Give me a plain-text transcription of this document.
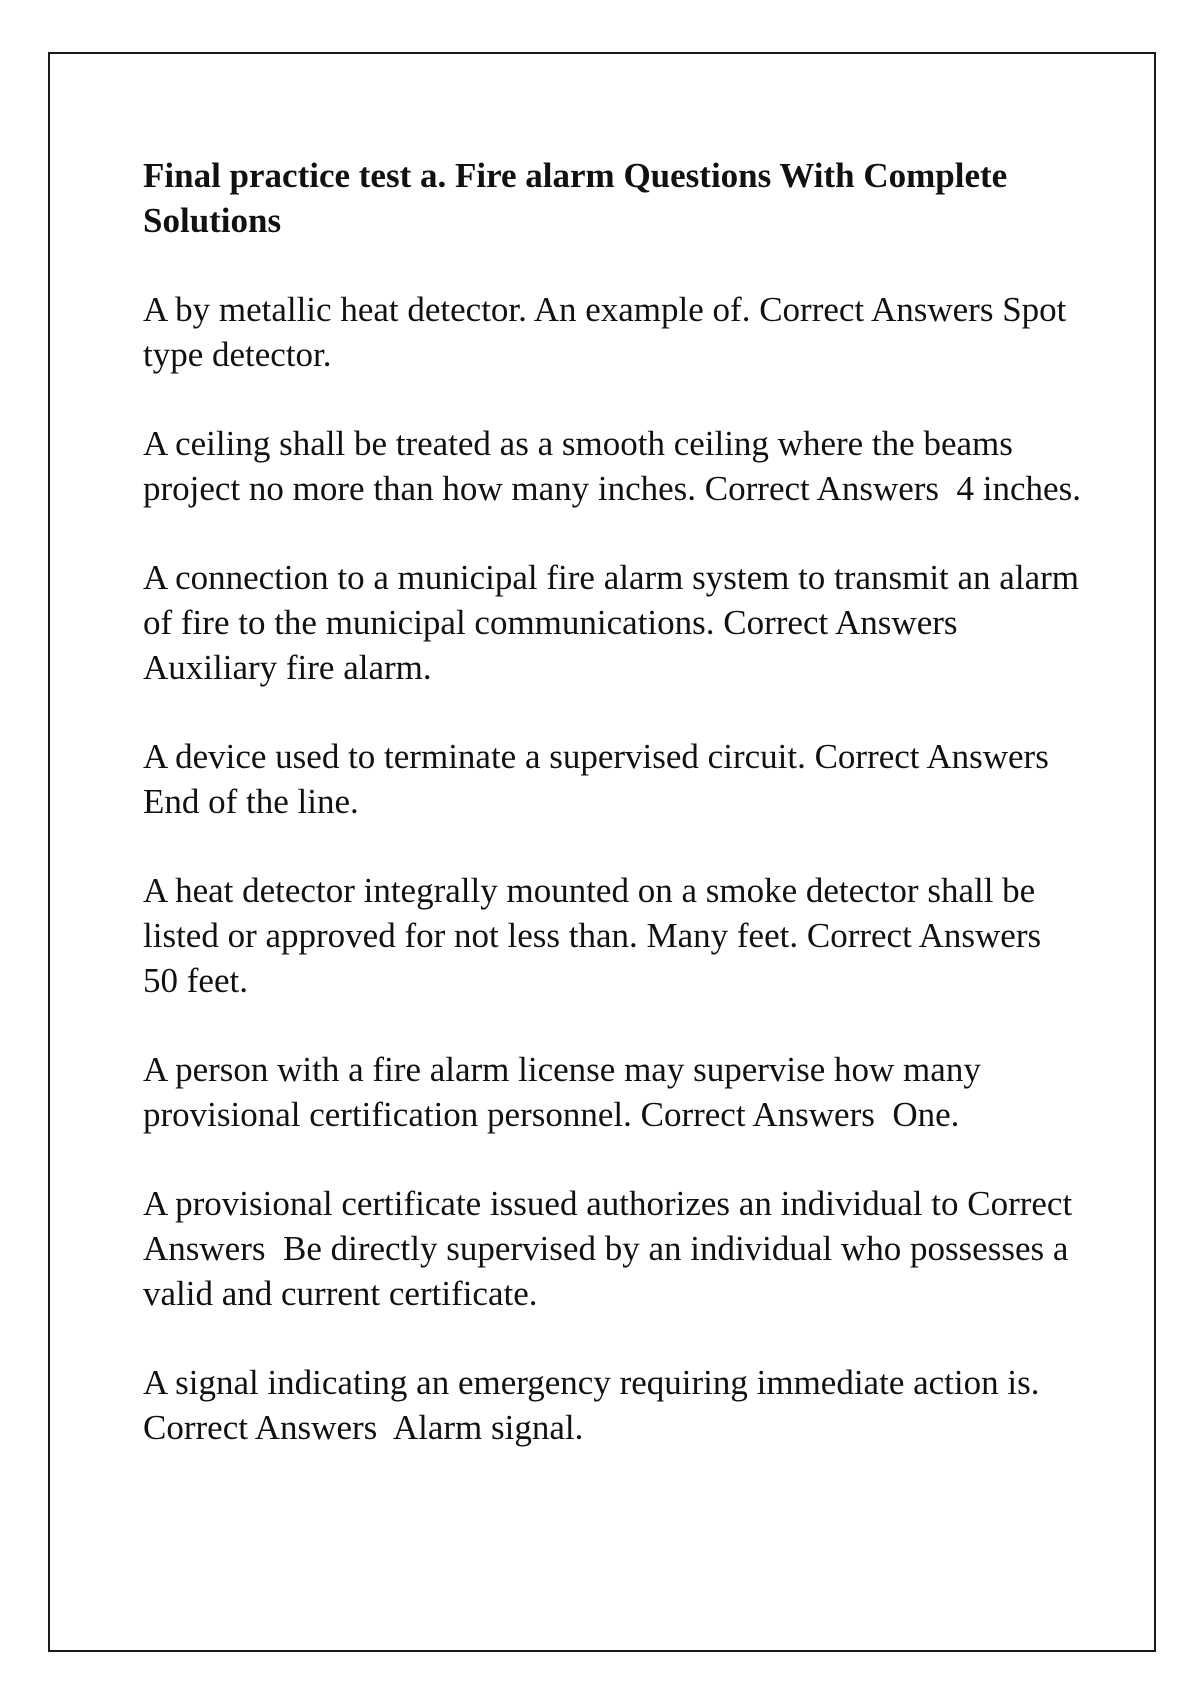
Final practice test a. Fire alarm Questions With Complete Solutions

A by metallic heat detector. An example of. Correct Answers Spot type detector.

A ceiling shall be treated as a smooth ceiling where the beams project no more than how many inches. Correct Answers  4 inches.

A connection to a municipal fire alarm system to transmit an alarm of fire to the municipal communications. Correct Answers Auxiliary fire alarm.

A device used to terminate a supervised circuit. Correct Answers End of the line.

A heat detector integrally mounted on a smoke detector shall be listed or approved for not less than. Many feet. Correct Answers 50 feet.

A person with a fire alarm license may supervise how many provisional certification personnel. Correct Answers  One.

A provisional certificate issued authorizes an individual to Correct Answers  Be directly supervised by an individual who possesses a valid and current certificate.

A signal indicating an emergency requiring immediate action is. Correct Answers  Alarm signal.
